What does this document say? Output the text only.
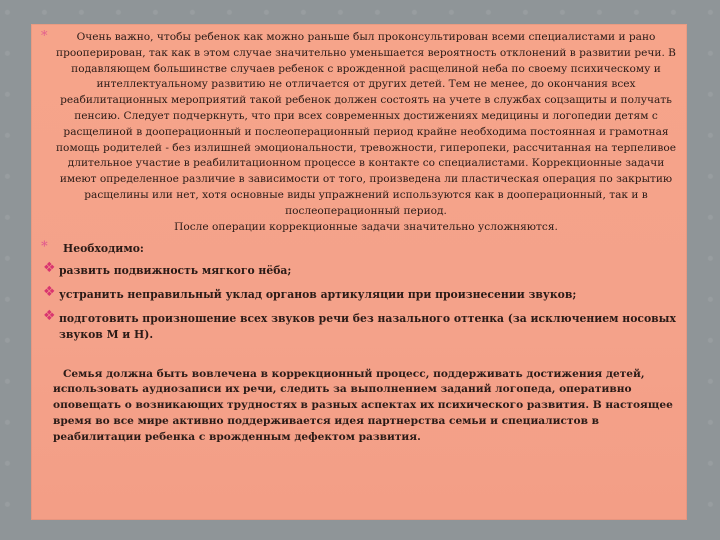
*	Очень важно, чтобы ребенок как можно раньше был проконсультирован всеми специалистами и рано прооперирован, так как в этом случае значительно уменьшается вероятность отклонений в развитии речи. В подавляющем большинстве случаев ребенок с врожденной расщелиной неба по своему психическому и интеллектуальному развитию не отличается от других детей. Тем не менее, до окончания всех реабилитационных мероприятий такой ребенок должен состоять на учете в службах соцзащиты и получать пенсию. Следует подчеркнуть, что при всех современных достижениях медицины и логопедии детям с расщелиной в дооперационный и послеоперационный период крайне необходима постоянная и грамотная помощь родителей - без излишней эмоциональности, тревожности, гиперопеки, рассчитанная на терпеливое длительное участие в реабилитационном процессе в контакте со специалистами. Коррекционные задачи имеют определенное различие в зависимости от того, произведена ли пластическая операция по закрытию расщелины или нет, хотя основные виды упражнений используются как в дооперационный, так и в послеоперационный период.
После операции коррекционные задачи значительно усложняются.

* Необходимо:
❖ развить подвижность мягкого нёба;
❖ устранить неправильный уклад органов артикуляции при произнесении звуков;
❖ подготовить произношение всех звуков речи без назального оттенка (за исключением носовых звуков М и Н).

Семья должна быть вовлечена в коррекционный процесс, поддерживать достижения детей, использовать аудиозаписи их речи, следить за выполнением заданий логопеда, оперативно оповещать о возникающих трудностях в разных аспектах их психического развития. В настоящее время во все мире активно поддерживается идея партнерства семьи и специалистов в реабилитации ребенка с врожденным дефектом развития.
